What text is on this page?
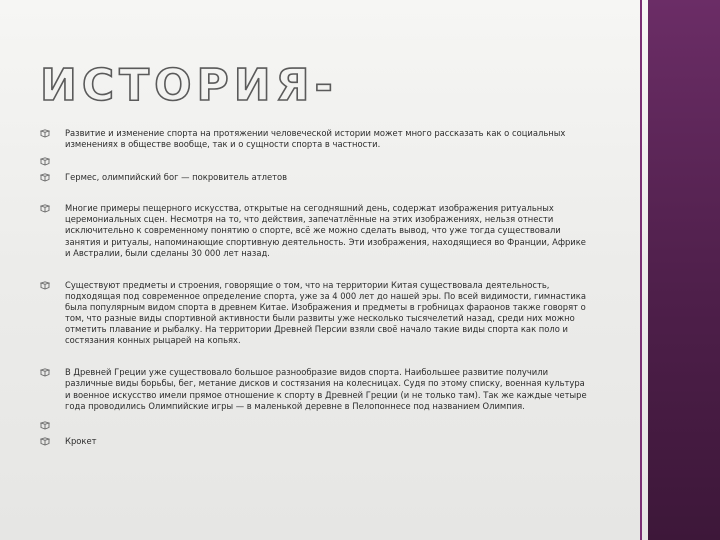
ИСТОРИЯ-
Развитие и изменение спорта на протяжении человеческой истории может много рассказать как о социальных изменениях в обществе вообще, так и о сущности спорта в частности.
Гермес, олимпийский бог — покровитель атлетов
Многие примеры пещерного искусства, открытые на сегодняшний день, содержат изображения ритуальных церемониальных сцен. Несмотря на то, что действия, запечатлённые на этих изображениях, нельзя отнести исключительно к современному понятию о спорте, всё же можно сделать вывод, что уже тогда существовали занятия и ритуалы, напоминающие спортивную деятельность. Эти изображения, находящиеся во Франции, Африке и Австралии, были сделаны 30 000 лет назад.
Существуют предметы и строения, говорящие о том, что на территории Китая существовала деятельность, подходящая под современное определение спорта, уже за 4 000 лет до нашей эры. По всей видимости, гимнастика была популярным видом спорта в древнем Китае. Изображения и предметы в гробницах фараонов также говорят о том, что разные виды спортивной активности были развиты уже несколько тысячелетий назад, среди них можно отметить плавание и рыбалку. На территории Древней Персии взяли своё начало такие виды спорта как поло и состязания конных рыцарей на копьях.
В Древней Греции уже существовало большое разнообразие видов спорта. Наибольшее развитие получили различные виды борьбы, бег, метание дисков и состязания на колесницах. Судя по этому списку, военная культура и военное искусство имели прямое отношение к спорту в Древней Греции (и не только там). Так же каждые четыре года проводились Олимпийские игры — в маленькой деревне в Пелопоннесе под названием Олимпия.
Крокет
